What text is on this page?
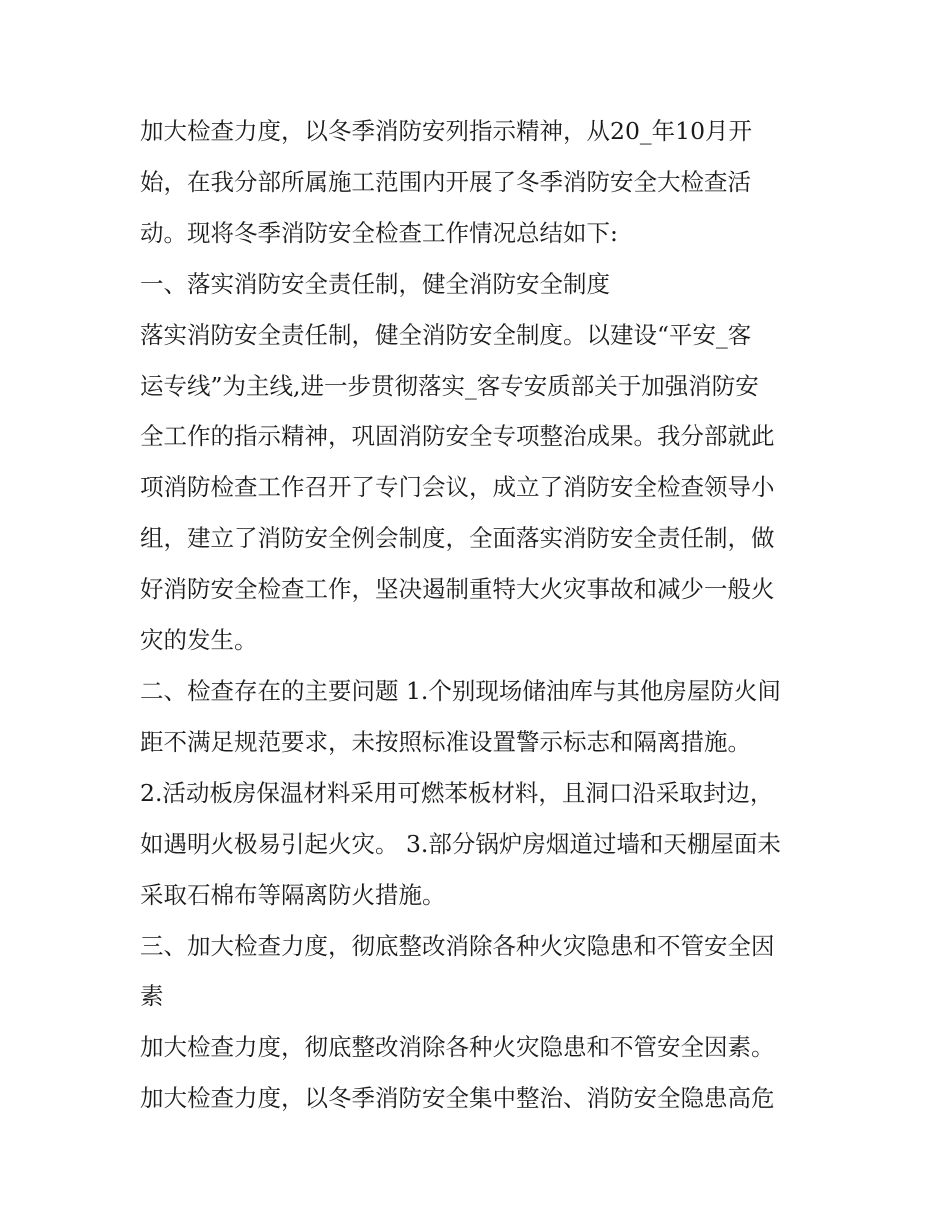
加大检查力度，以冬季消防安列指示精神，从20_年10月开

始，在我分部所属施工范围内开展了冬季消防安全大检查活

动。现将冬季消防安全检查工作情况总结如下:

一、落实消防安全责任制，健全消防安全制度

落实消防安全责任制，健全消防安全制度。以建设“平安_客

运专线”为主线,进一步贯彻落实_客专安质部关于加强消防安

全工作的指示精神，巩固消防安全专项整治成果。我分部就此

项消防检查工作召开了专门会议，成立了消防安全检查领导小

组，建立了消防安全例会制度，全面落实消防安全责任制，做

好消防安全检查工作，坚决遏制重特大火灾事故和减少一般火

灾的发生。

二、检查存在的主要问题 1.个别现场储油库与其他房屋防火间

距不满足规范要求，未按照标准设置警示标志和隔离措施。

2.活动板房保温材料采用可燃苯板材料，且洞口沿采取封边，

如遇明火极易引起火灾。 3.部分锅炉房烟道过墙和天棚屋面未

采取石棉布等隔离防火措施。

三、加大检查力度，彻底整改消除各种火灾隐患和不管安全因

素

加大检查力度，彻底整改消除各种火灾隐患和不管安全因素。

加大检查力度，以冬季消防安全集中整治、消防安全隐患高危
